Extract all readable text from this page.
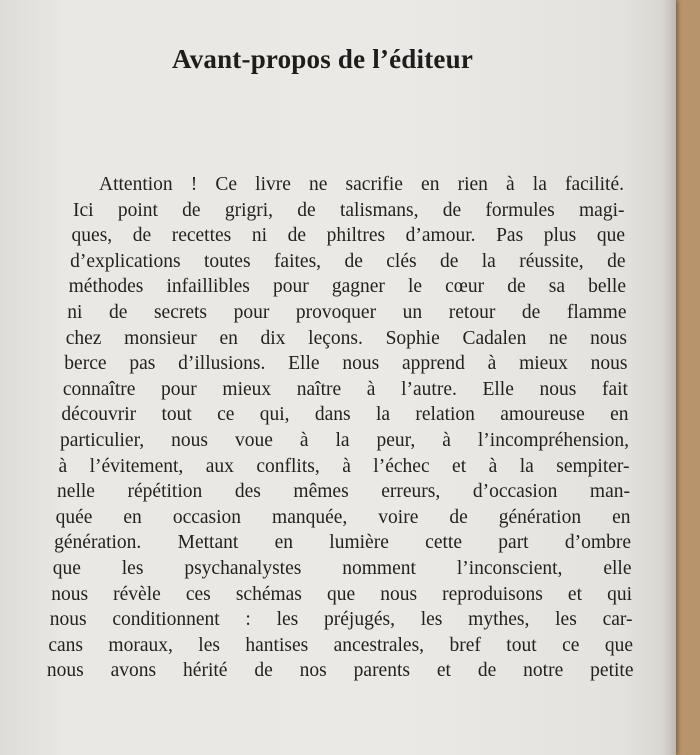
Avant-propos de l’éditeur
Attention ! Ce livre ne sacrifie en rien à la facilité.
Ici point de grigri, de talismans, de formules magi-
ques, de recettes ni de philtres d’amour. Pas plus que
d’explications toutes faites, de clés de la réussite, de
méthodes infaillibles pour gagner le cœur de sa belle
ni de secrets pour provoquer un retour de flamme
chez monsieur en dix leçons. Sophie Cadalen ne nous
berce pas d’illusions. Elle nous apprend à mieux nous
connaître pour mieux naître à l’autre. Elle nous fait
découvrir tout ce qui, dans la relation amoureuse en
particulier, nous voue à la peur, à l’incompréhension,
à l’évitement, aux conflits, à l’échec et à la sempiter-
nelle répétition des mêmes erreurs, d’occasion man-
quée en occasion manquée, voire de génération en
génération. Mettant en lumière cette part d’ombre
que les psychanalystes nomment l’inconscient, elle
nous révèle ces schémas que nous reproduisons et qui
nous conditionnent : les préjugés, les mythes, les car-
cans moraux, les hantises ancestrales, bref tout ce que
nous avons hérité de nos parents et de notre petite
